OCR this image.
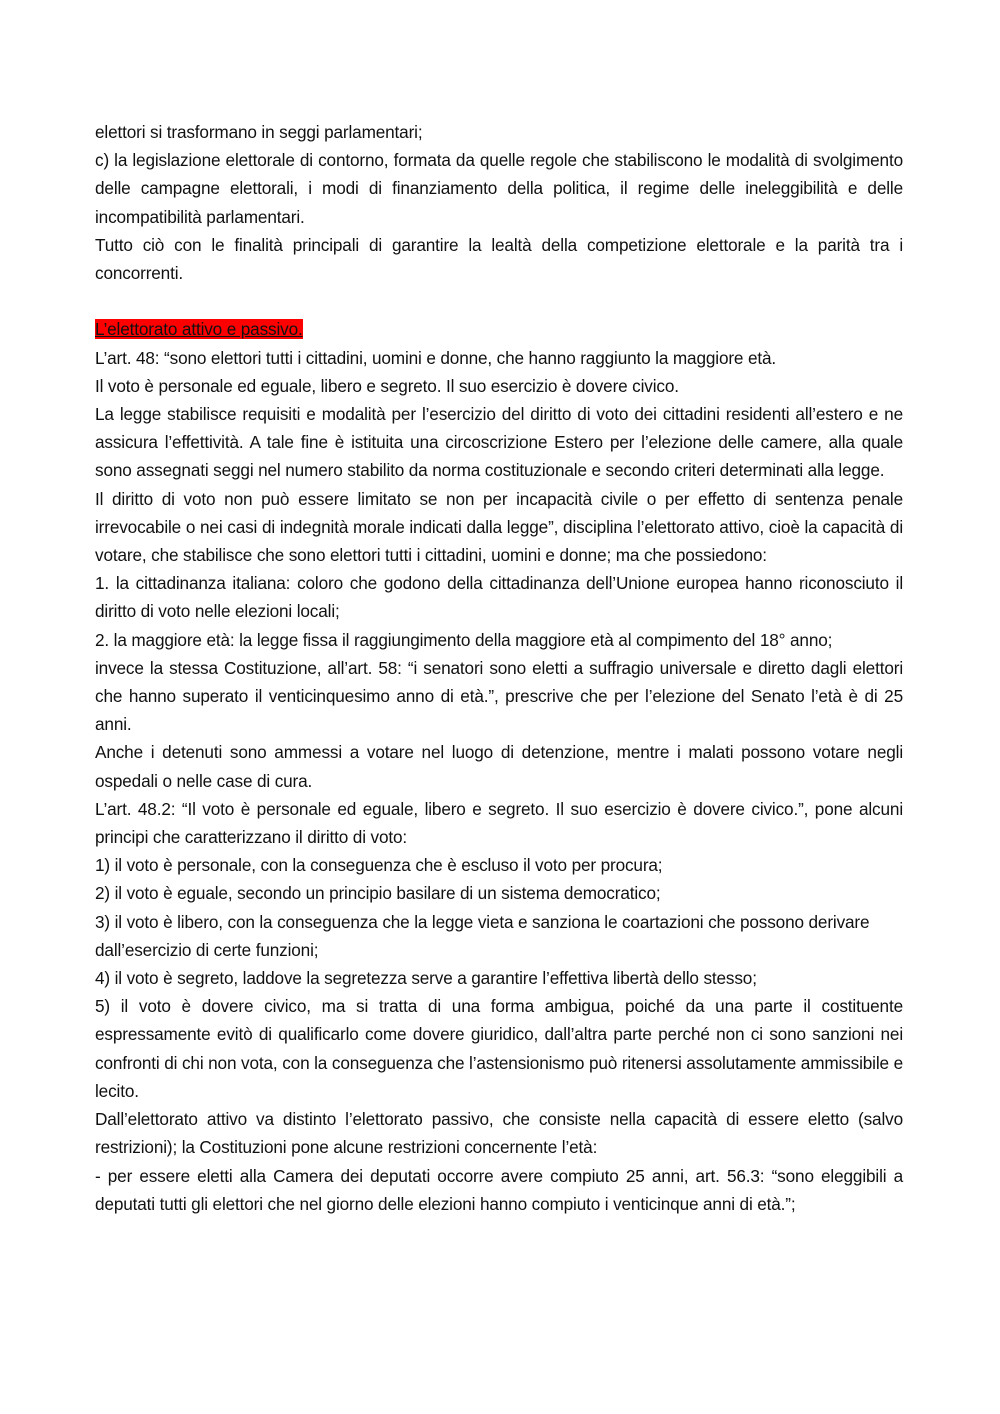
elettori si trasformano in seggi parlamentari;

c) la legislazione elettorale di contorno, formata da quelle regole che stabiliscono le modalità di svolgimento delle campagne elettorali, i modi di finanziamento della politica, il regime delle ineleggibilità e delle incompatibilità parlamentari.

Tutto ciò con le finalità principali di garantire la lealtà della competizione elettorale e la parità tra i concorrenti.

L’elettorato attivo e passivo.

L’art. 48: “sono elettori tutti i cittadini, uomini e donne, che hanno raggiunto la maggiore età.

Il voto è personale ed eguale, libero e segreto. Il suo esercizio è dovere civico.

La legge stabilisce requisiti e modalità per l’esercizio del diritto di voto dei cittadini residenti all’estero e ne assicura l’effettività. A tale fine è istituita una circoscrizione Estero per l’elezione delle camere, alla quale sono assegnati seggi nel numero stabilito da norma costituzionale e secondo criteri determinati alla legge.

Il diritto di voto non può essere limitato se non per incapacità civile o per effetto di sentenza penale irrevocabile o nei casi di indegnità morale indicati dalla legge”, disciplina l’elettorato attivo, cioè la capacità di votare, che stabilisce che sono elettori tutti i cittadini, uomini e donne; ma che possiedono:

1. la cittadinanza italiana: coloro che godono della cittadinanza dell’Unione europea hanno riconosciuto il diritto di voto nelle elezioni locali;

2. la maggiore età: la legge fissa il raggiungimento della maggiore età al compimento del 18° anno;

invece la stessa Costituzione, all’art. 58: “i senatori sono eletti a suffragio universale e diretto dagli elettori che hanno superato il venticinquesimo anno di età.”, prescrive che per l’elezione del Senato l’età è di 25 anni.

Anche i detenuti sono ammessi a votare nel luogo di detenzione, mentre i malati possono votare negli ospedali o nelle case di cura.

L’art. 48.2: “Il voto è personale ed eguale, libero e segreto. Il suo esercizio è dovere civico.”, pone alcuni principi che caratterizzano il diritto di voto:

1) il voto è personale, con la conseguenza che è escluso il voto per procura;

2) il voto è eguale, secondo un principio basilare di un sistema democratico;

3) il voto è libero, con la conseguenza che la legge vieta e sanziona le coartazioni che possono derivare dall’esercizio di certe funzioni;

4) il voto è segreto, laddove la segretezza serve a garantire l’effettiva libertà dello stesso;

5) il voto è dovere civico, ma si tratta di una forma ambigua, poiché da una parte il costituente espressamente evitò di qualificarlo come dovere giuridico, dall’altra parte perché non ci sono sanzioni nei confronti di chi non vota, con la conseguenza che l’astensionismo può ritenersi assolutamente ammissibile e lecito.

Dall’elettorato attivo va distinto l’elettorato passivo, che consiste nella capacità di essere eletto (salvo restrizioni); la Costituzioni pone alcune restrizioni concernente l’età:

- per essere eletti alla Camera dei deputati occorre avere compiuto 25 anni, art. 56.3: “sono eleggibili a deputati tutti gli elettori che nel giorno delle elezioni hanno compiuto i venticinque anni di età.”;
